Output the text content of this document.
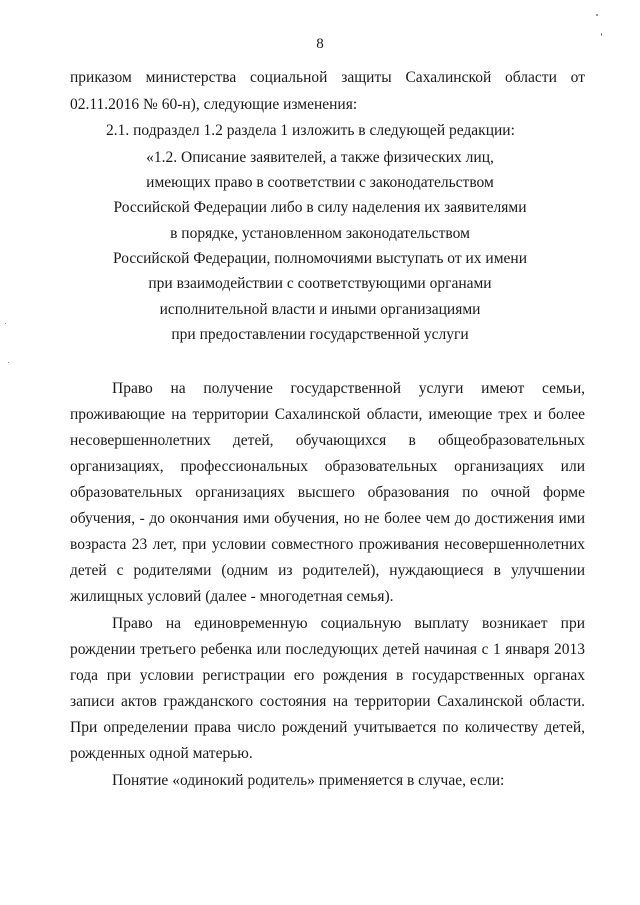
8
приказом министерства социальной защиты Сахалинской области от
02.11.2016 № 60-н), следующие изменения:
2.1. подраздел 1.2 раздела 1 изложить в следующей редакции:
«1.2. Описание заявителей, а также физических лиц,
имеющих право в соответствии с законодательством
Российской Федерации либо в силу наделения их заявителями
в порядке, установленном законодательством
Российской Федерации, полномочиями выступать от их имени
при взаимодействии с соответствующими органами
исполнительной власти и иными организациями
при предоставлении государственной услуги
Право на получение государственной услуги имеют семьи,
проживающие на территории Сахалинской области, имеющие трех и более
несовершеннолетних детей, обучающихся в общеобразовательных
организациях, профессиональных образовательных организациях или
образовательных организациях высшего образования по очной форме
обучения, - до окончания ими обучения, но не более чем до достижения ими
возраста 23 лет, при условии совместного проживания несовершеннолетних
детей с родителями (одним из родителей), нуждающиеся в улучшении
жилищных условий (далее - многодетная семья).
Право на единовременную социальную выплату возникает при
рождении третьего ребенка или последующих детей начиная с 1 января 2013
года при условии регистрации его рождения в государственных органах
записи актов гражданского состояния на территории Сахалинской области.
При определении права число рождений учитывается по количеству детей,
рожденных одной матерью.
Понятие «одинокий родитель» применяется в случае, если:
